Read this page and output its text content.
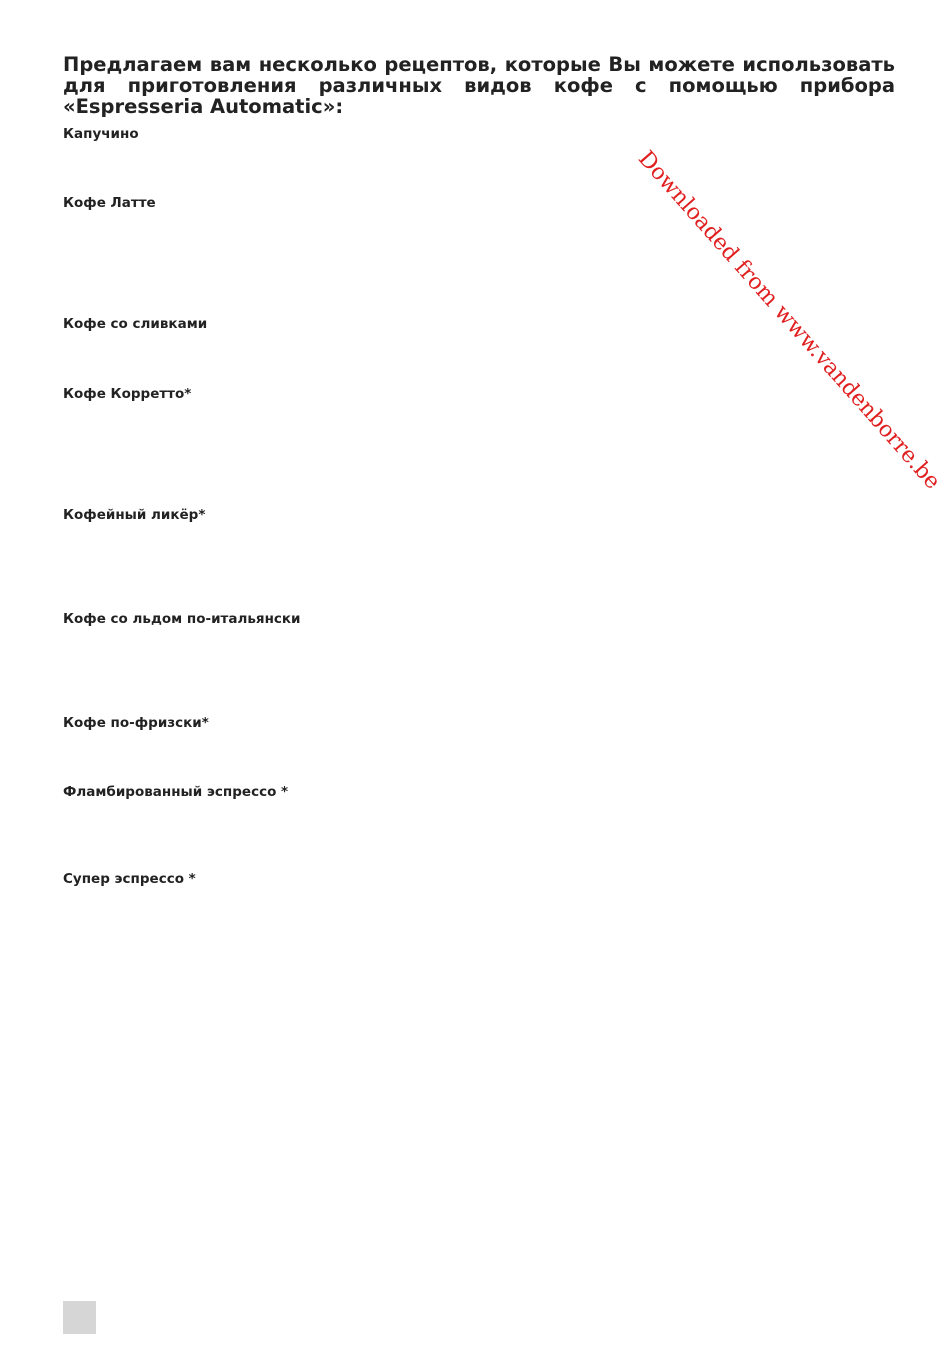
Предлагаем вам несколько рецептов, которые Вы можете использовать для приготовления различных видов кофе с помощью прибора «Espresseria Automatic»:

Капучино
Кофе Латте
Кофе со сливками
Кофе Корретто*
Кофейный ликёр*
Кофе со льдом по-итальянски
Кофе по-фризски*
Фламбированный эспрессо *
Супер эспрессо *
Downloaded from www.vandenborre.be
